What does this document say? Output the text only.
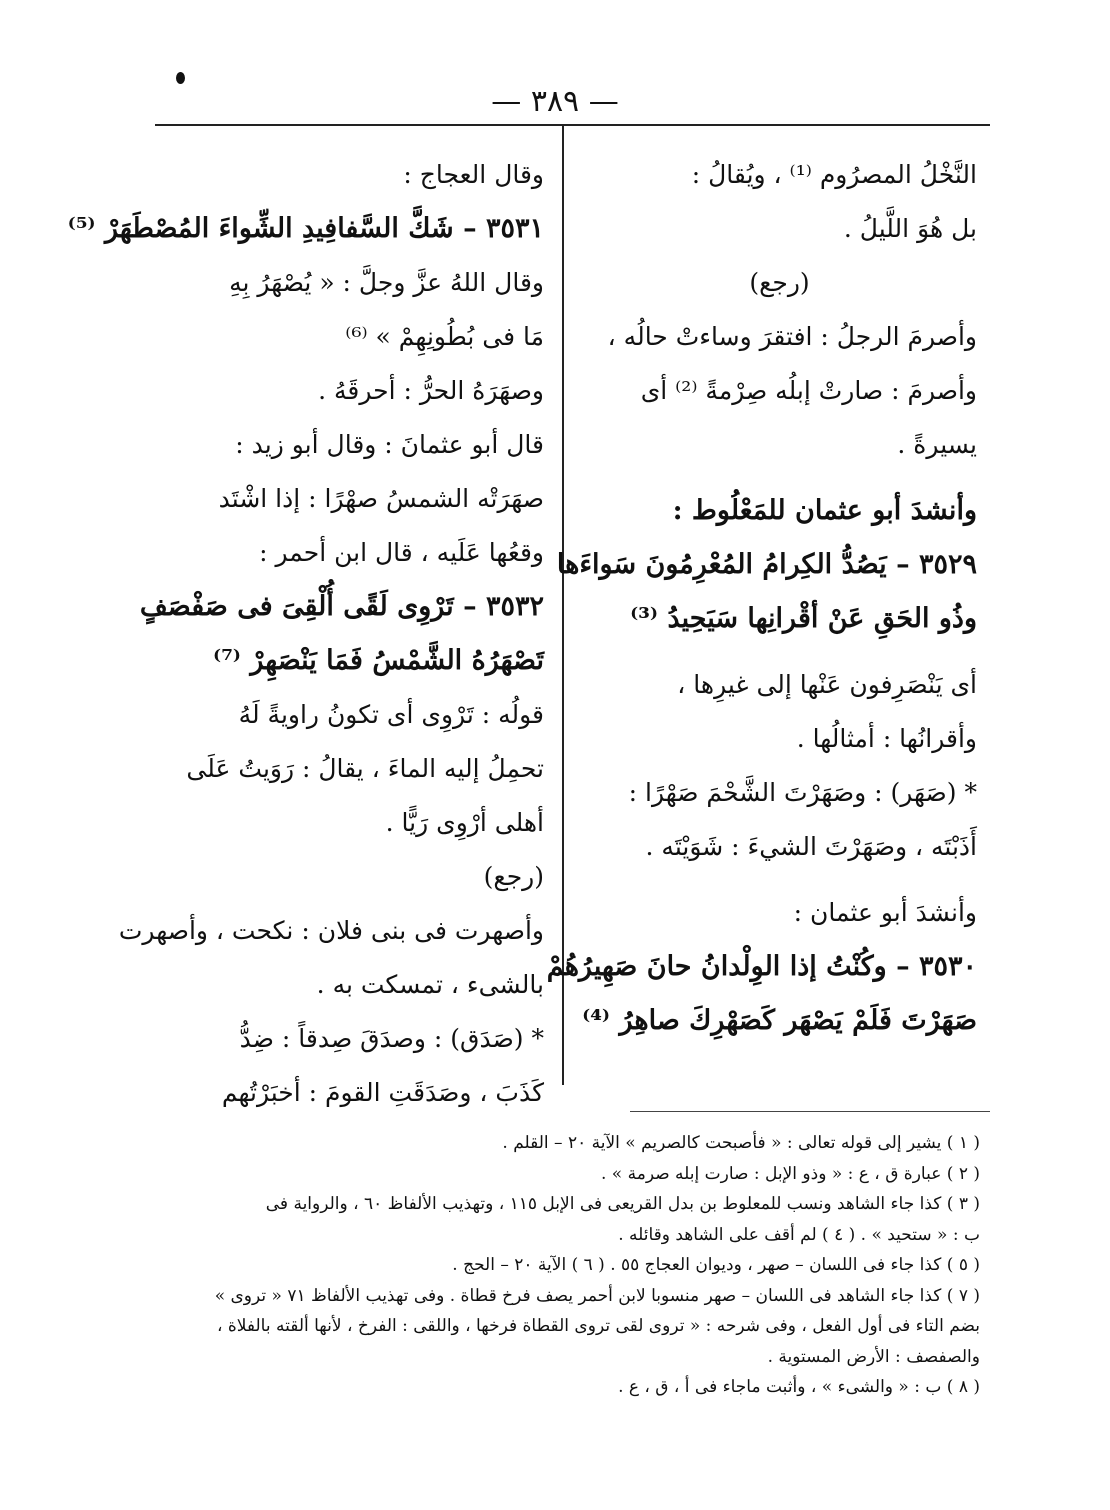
— ٣٨٩ —
النَّخْلُ المصرُوم ⁽¹⁾ ، ويُقالُ :
بل هُوَ اللَّيلُ .
(رجع)
وأصرمَ الرجلُ : افتقرَ وساءتْ حالُه ،
وأصرمَ : صارتْ إبلُه صِرْمةً ⁽²⁾ أى
يسيرةً .
وأنشدَ أبو عثمان للمَعْلُوط :
٣٥٢٩ – يَصُدُّ الكِرامُ المُعْرِمُونَ سَواءَها
وذُو الحَقِ عَنْ أقْرانِها سَيَحِيدُ ⁽³⁾
أى يَنْصَرِفون عَنْها إلى غيرِها ،
وأقرانُها : أمثالُها .
* (صَهَر) : وصَهَرْتَ الشَّحْمَ صَهْرًا :
أَذَبْتَه ، وصَهَرْتَ الشيءَ : شَوَيْتَه .
وأنشدَ أبو عثمان :
٣٥٣٠ – وكُنْتُ إذا الوِلْدانُ حانَ صَهِيرُهُمْ
صَهَرْتَ فَلَمْ يَصْهَر كَصَهْرِكَ صاهِرُ ⁽⁴⁾
وقال العجاج :
٣٥٣١ – شَكَّ السَّفافِيدِ الشِّواءَ المُصْطَهَرْ ⁽⁵⁾
وقال اللهُ عزَّ وجلَّ : « يُصْهَرُ بِهِ
مَا فى بُطُونِهِمْ » ⁽⁶⁾
وصهَرَهُ الحرُّ : أحرقَهُ .
قال أبو عثمانَ : وقال أبو زيد :
صهَرَتْه الشمسُ صهْرًا : إذا اشْتَد
وقعُها عَلَيه ، قال ابن أحمر :
٣٥٣٢ – تَرْوِى لَقًى أُلْقِىَ فى صَفْصَفٍ
تَصْهَرُهُ الشَّمْسُ فَمَا يَنْصَهِرْ ⁽⁷⁾
قولُه : تَرْوِى أى تكونُ راويةً لَهُ
تحمِلُ إليه الماءَ ، يقالُ : رَوَيتُ عَلَى
أهلى أرْوِى رَيًّا .
(رجع)
وأصهرت فى بنى فلان : نكحت ، وأصهرت
بالشىء ، تمسكت به .
* (صَدَق) : وصدَقَ صِدقاً : ضِدُّ
كَذَبَ ، وصَدَقَتِ القومَ : أخبَرْتُهم
( ١ ) يشير إلى قوله تعالى : « فأصبحت كالصريم » الآية ٢٠ – القلم .
( ٢ ) عبارة ق ، ع : « وذو الإبل : صارت إبله صرمة » .
( ٣ ) كذا جاء الشاهد ونسب للمعلوط بن بدل القريعى فى الإبل ١١٥ ، وتهذيب الألفاظ ٦٠ ، والرواية فى
ب : « ستحيد » . ( ٤ ) لم أقف على الشاهد وقائله .
( ٥ ) كذا جاء فى اللسان – صهر ، وديوان العجاج ٥٥ . ( ٦ ) الآية ٢٠ – الحج .
( ٧ ) كذا جاء الشاهد فى اللسان – صهر منسوبا لابن أحمر يصف فرخ قطاة . وفى تهذيب الألفاظ ٧١ « تروى »
بضم التاء فى أول الفعل ، وفى شرحه : « تروى لقى تروى القطاة فرخها ، واللقى : الفرخ ، لأنها ألقته بالفلاة ،
والصفصف : الأرض المستوية .
( ٨ ) ب : « والشىء » ، وأثبت ماجاء فى أ ، ق ، ع .
